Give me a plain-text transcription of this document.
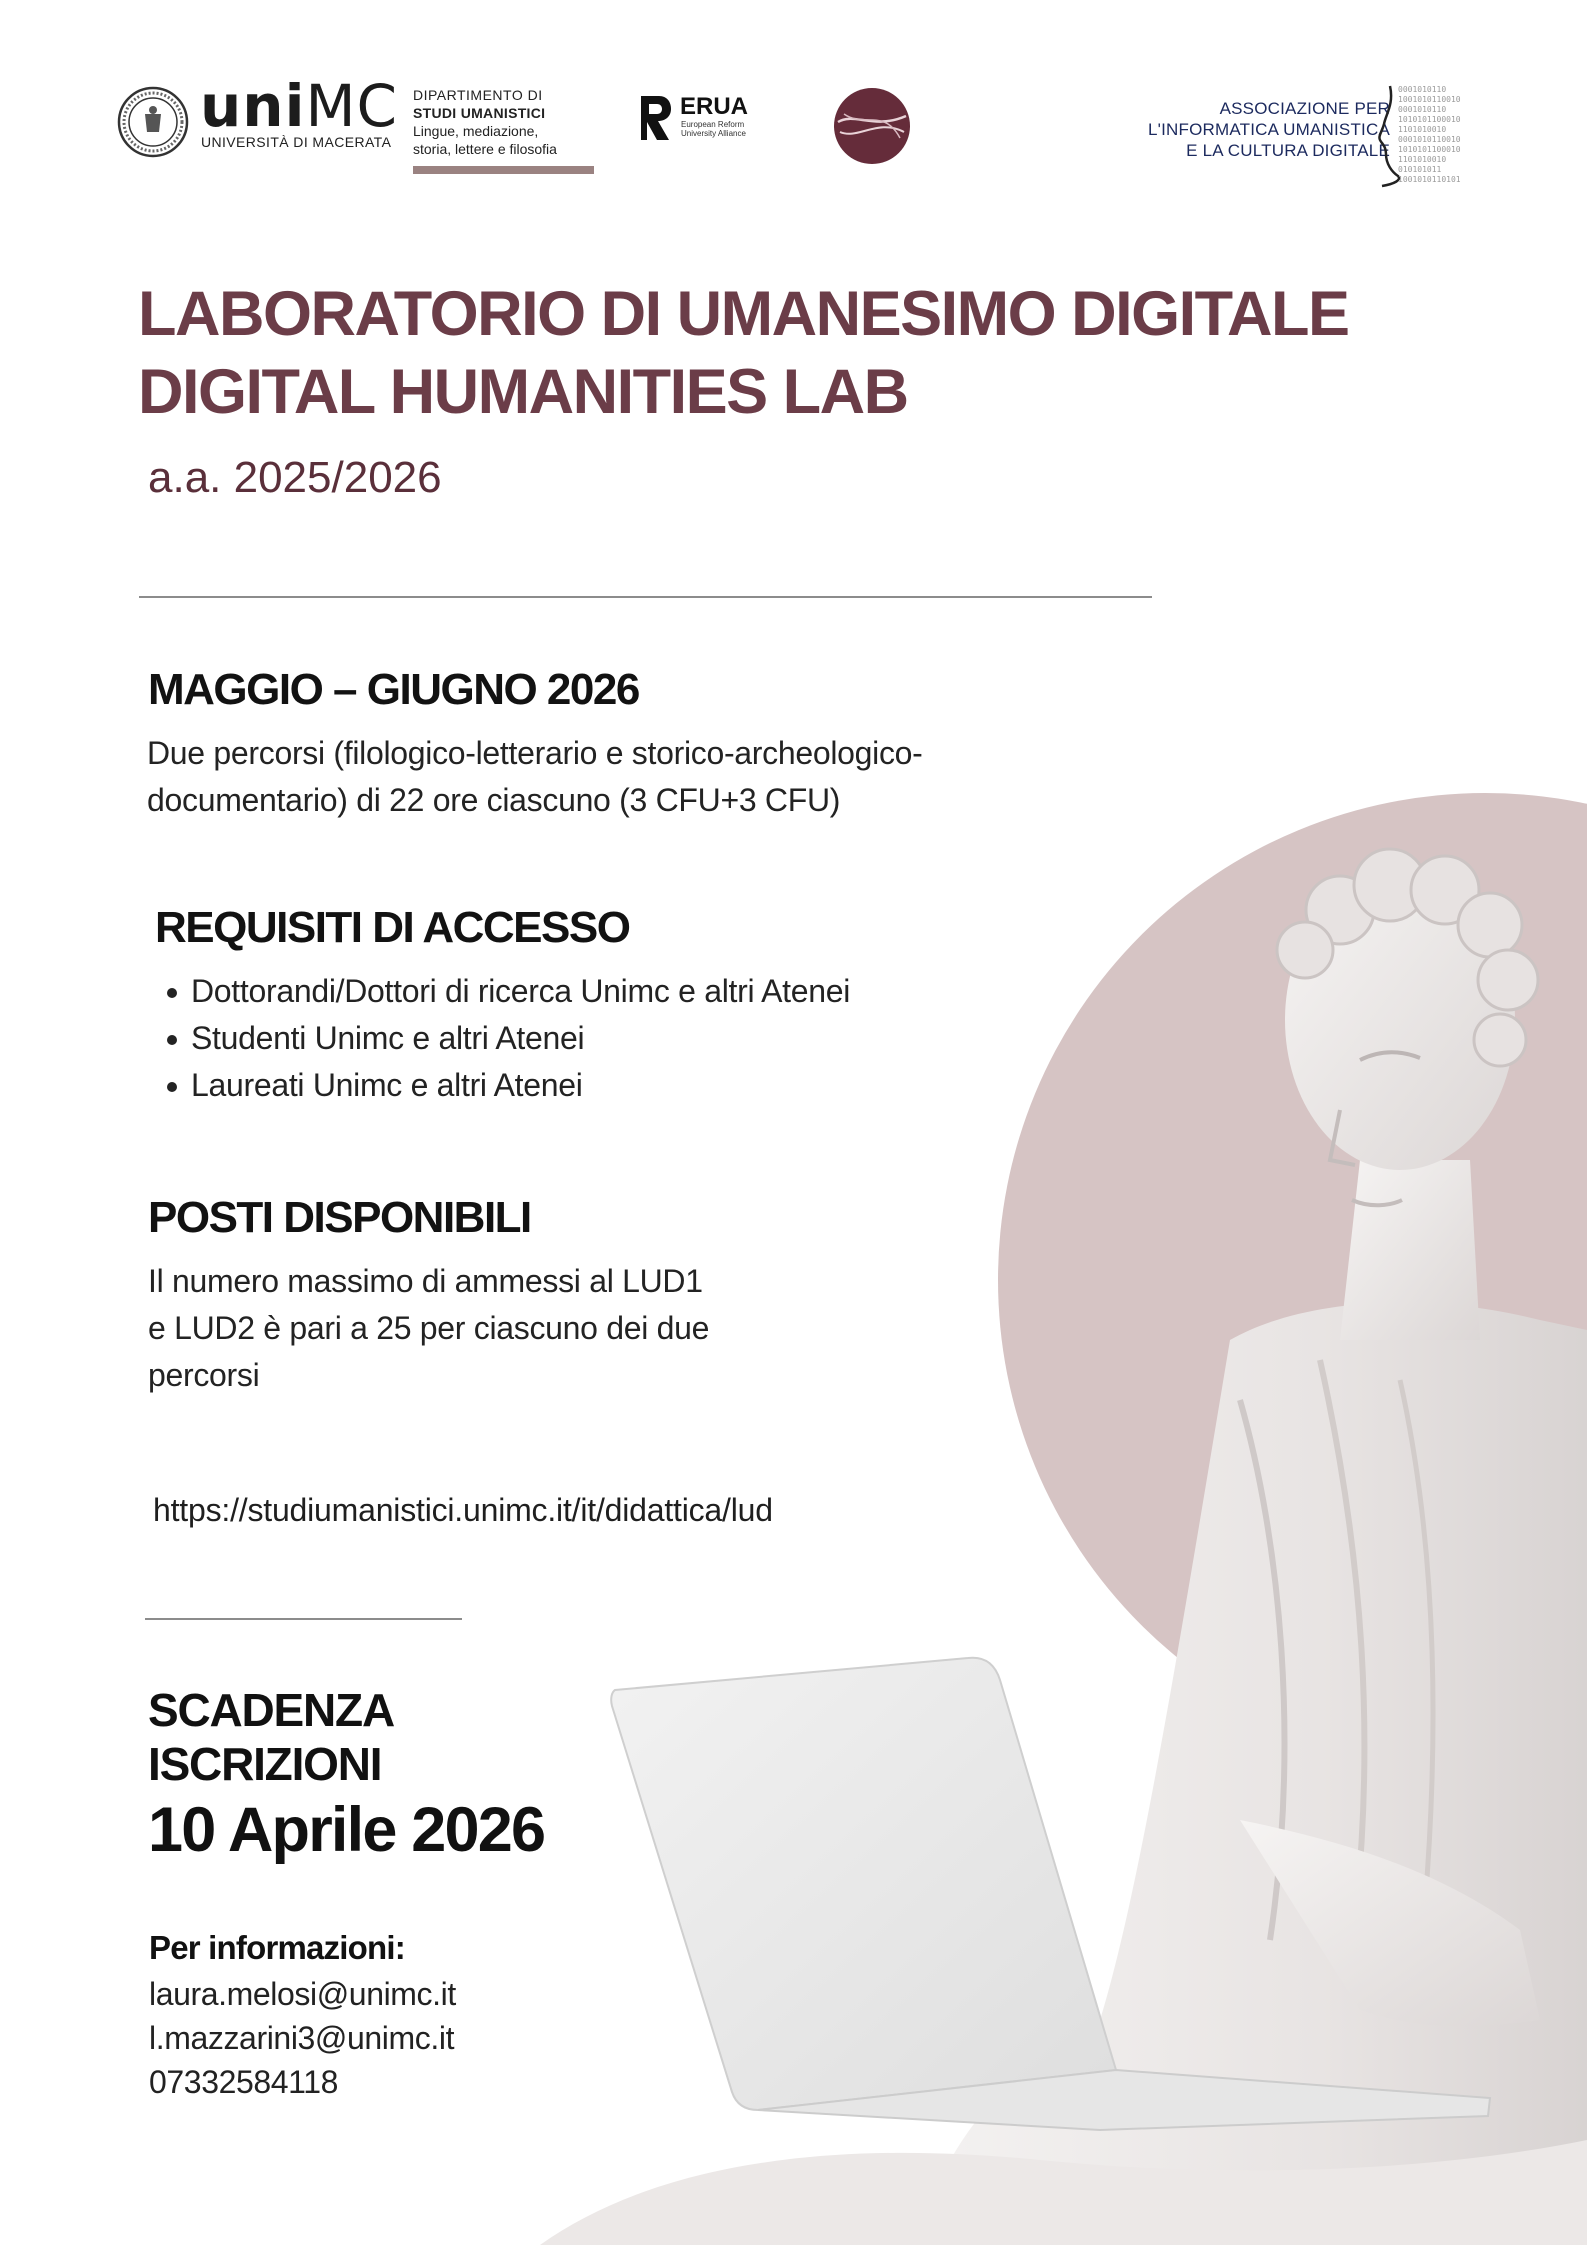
uniMC
UNIVERSITÀ DI MACERATA
DIPARTIMENTO DI
STUDI UMANISTICI
Lingue, mediazione,
storia, lettere e filosofia
ERUA
European Reform
University Alliance
ASSOCIAZIONE PER
L'INFORMATICA UMANISTICA
E LA CULTURA DIGITALE
0001010110
1001010110010
0001010110
1010101100010
1101010010
0001010110010
1010101100010
1101010010
010101011
1001010110101
LABORATORIO DI UMANESIMO DIGITALE
DIGITAL HUMANITIES LAB
a.a. 2025/2026
MAGGIO – GIUGNO 2026
Due percorsi (filologico-letterario e storico-archeologico-
documentario) di 22 ore ciascuno (3 CFU+3 CFU)
REQUISITI DI ACCESSO
Dottorandi/Dottori di ricerca Unimc e altri Atenei
Studenti Unimc e altri Atenei
Laureati Unimc e altri Atenei
POSTI DISPONIBILI
Il numero massimo di ammessi al LUD1
e LUD2 è pari a 25 per ciascuno dei due
percorsi
https://studiumanistici.unimc.it/it/didattica/lud
SCADENZA
ISCRIZIONI
10 Aprile 2026
Per informazioni:
laura.melosi@unimc.it
l.mazzarini3@unimc.it
07332584118
